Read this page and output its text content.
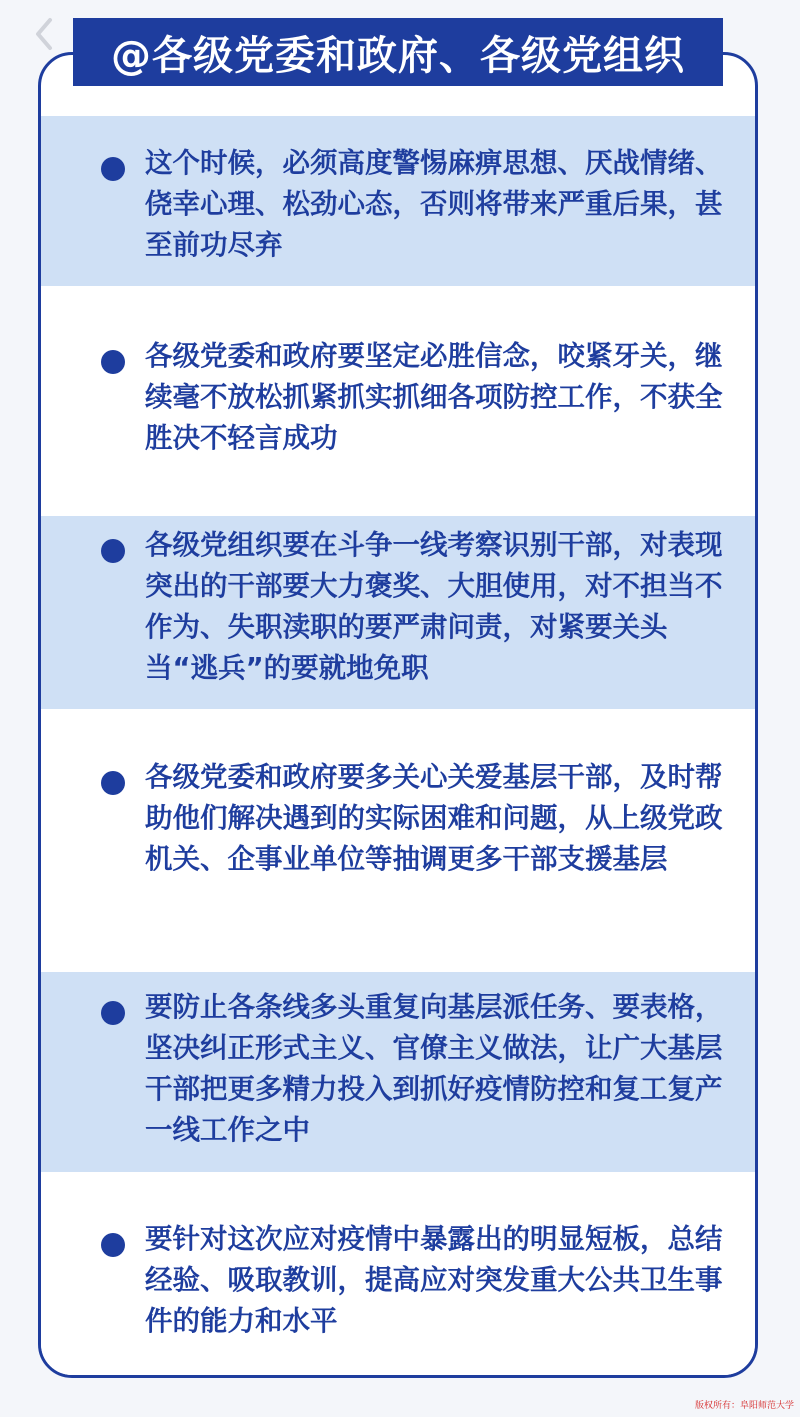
@各级党委和政府、各级党组织
这个时候，必须高度警惕麻痹思想、厌战情绪、侥幸心理、松劲心态，否则将带来严重后果，甚至前功尽弃
各级党委和政府要坚定必胜信念，咬紧牙关，继续毫不放松抓紧抓实抓细各项防控工作，不获全胜决不轻言成功
各级党组织要在斗争一线考察识别干部，对表现突出的干部要大力褒奖、大胆使用，对不担当不作为、失职渎职的要严肃问责，对紧要关头当“逃兵”的要就地免职
各级党委和政府要多关心关爱基层干部，及时帮助他们解决遇到的实际困难和问题，从上级党政机关、企事业单位等抽调更多干部支援基层
要防止各条线多头重复向基层派任务、要表格，坚决纠正形式主义、官僚主义做法，让广大基层干部把更多精力投入到抓好疫情防控和复工复产一线工作之中
要针对这次应对疫情中暴露出的明显短板，总结经验、吸取教训，提高应对突发重大公共卫生事件的能力和水平
版权所有：阜阳师范大学
